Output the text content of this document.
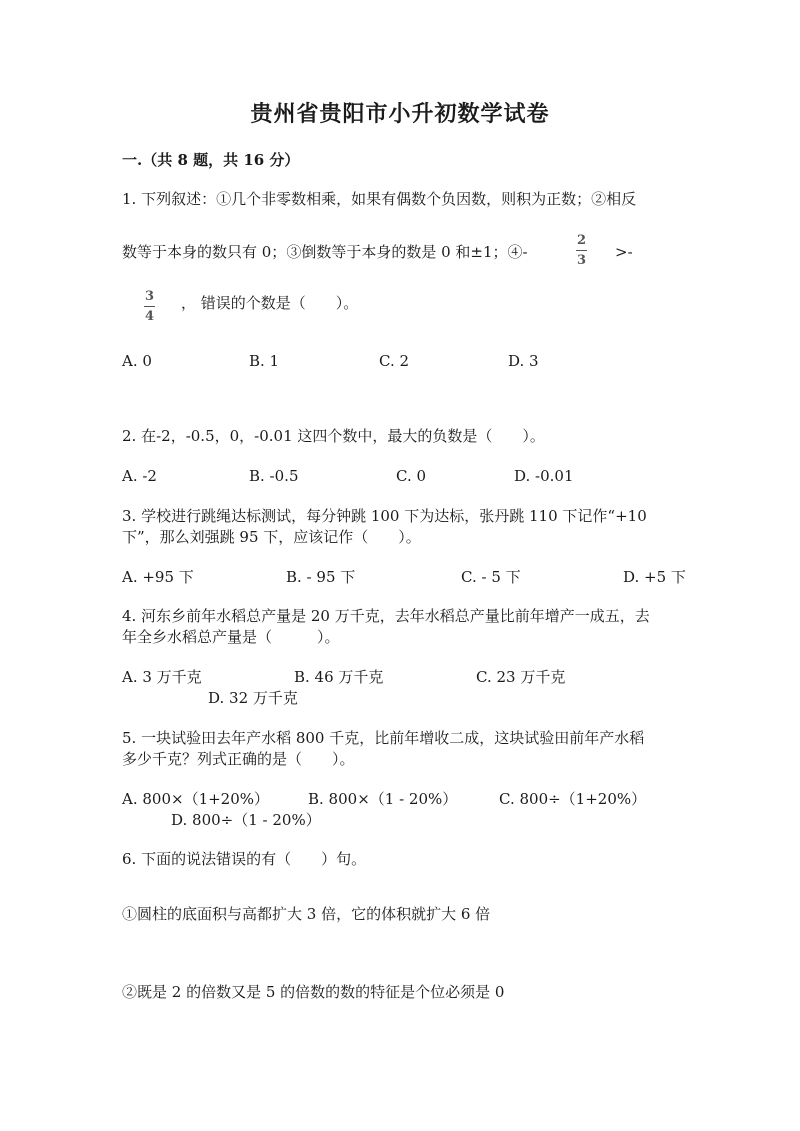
贵州省贵阳市小升初数学试卷
一.（共 8 题，共 16 分）
1. 下列叙述：①几个非零数相乘，如果有偶数个负因数，则积为正数；②相反
数等于本身的数只有 0；③倒数等于本身的数是 0 和±1；④-
2
3 >-
3
4
， 错误的个数是（　　）。
A. 0	B. 1	C. 2	D. 3
2. 在-2，-0.5，0，-0.01 这四个数中，最大的负数是（　　）。
A. -2	B. -0.5	C. 0	D. -0.01
3. 学校进行跳绳达标测试，每分钟跳 100 下为达标，张丹跳 110 下记作“+10
下”，那么刘强跳 95 下，应该记作（　　）。
A. +95 下	B. - 95 下	C. - 5 下	D. +5 下
4. 河东乡前年水稻总产量是 20 万千克，去年水稻总产量比前年增产一成五，去
年全乡水稻总产量是（　　　）。
A. 3 万千克	B. 46 万千克	C. 23 万千克
D. 32 万千克
5. 一块试验田去年产水稻 800 千克，比前年增收二成，这块试验田前年产水稻
多少千克？列式正确的是（　　）。
A. 800×（1+20%）	B. 800×（1 - 20%）	C. 800÷（1+20%）
D. 800÷（1 - 20%）
6. 下面的说法错误的有（　　）句。
①圆柱的底面积与高都扩大 3 倍，它的体积就扩大 6 倍
②既是 2 的倍数又是 5 的倍数的数的特征是个位必须是 0
